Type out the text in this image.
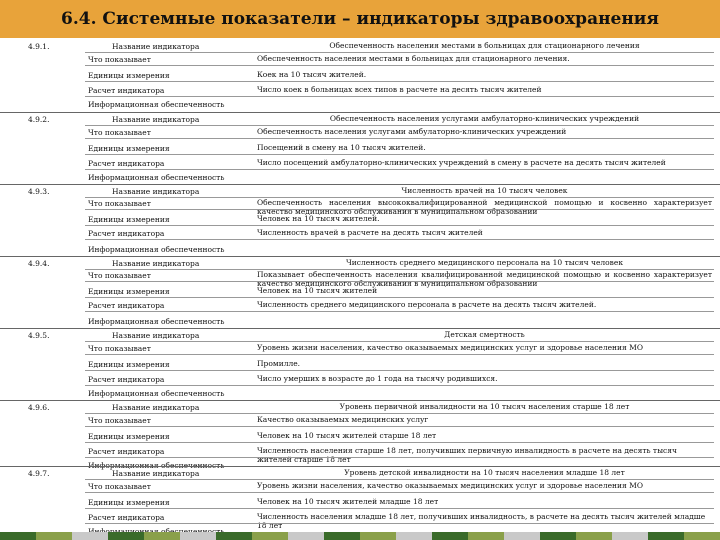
6.4. Системные показатели – индикаторы здравоохранения
4.9.1.	Название индикатора	Обеспеченность населения местами в больницах для стационарного лечения
Что показывает	Обеспеченность населения местами в больницах для стационарного лечения.
Единицы измерения	Коек на 10 тысяч жителей.
Расчет индикатора	Число коек в больницах всех типов в расчете на десять тысяч жителей
Информационная обеспеченность
4.9.2.	Название индикатора	Обеспеченность населения услугами амбулаторно-клинических учреждений
Что показывает	Обеспеченность населения услугами амбулаторно-клинических учреждений
Единицы измерения	Посещений в смену на 10 тысяч жителей.
Расчет индикатора	Число посещений амбулаторно-клинических учреждений в смену в расчете на десять тысяч жителей
Информационная обеспеченность
4.9.3.	Название индикатора	Численность врачей на 10 тысяч человек
Что показывает	Обеспеченность населения высококвалифицированной медицинской помощью и косвенно характеризует качество медицинского обслуживания в муниципальном образовании
Единицы измерения	Человек на 10 тысяч жителей.
Расчет индикатора	Численность врачей в расчете на десять тысяч жителей
Информационная обеспеченность
4.9.4.	Название индикатора	Численность среднего медицинского персонала на 10 тысяч человек
Что показывает	Показывает обеспеченность населения квалифицированной медицинской помощью и косвенно характеризует качество медицинского обслуживания в муниципальном образовании
Единицы измерения	Человек на 10 тысяч жителей
Расчет индикатора	Численность среднего медицинского персонала в расчете на десять тысяч жителей.
Информационная обеспеченность
4.9.5.	Название индикатора	Детская смертность
Что показывает	Уровень жизни населения, качество оказываемых медицинских услуг и здоровье населения МО
Единицы измерения	Промилле.
Расчет индикатора	Число умерших в возрасте до 1 года на тысячу родившихся.
Информационная обеспеченность
4.9.6.	Название индикатора	Уровень первичной инвалидности на 10 тысяч населения старше 18 лет
Что показывает	Качество оказываемых медицинских услуг
Единицы измерения	Человек на 10 тысяч жителей старше 18 лет
Расчет индикатора	Численность населения старше 18 лет, получивших первичную инвалидность в расчете на десять тысяч жителей старше 18 лет
Информационная обеспеченность
4.9.7.	Название индикатора	Уровень детской инвалидности на 10 тысяч населения младше 18 лет
Что показывает	Уровень жизни населения, качество оказываемых медицинских услуг и здоровье населения МО
Единицы измерения	Человек на 10 тысяч жителей младше 18 лет
Расчет индикатора	Численность населения младше 18 лет, получивших инвалидность, в расчете на десять тысяч жителей младше 18 лет
